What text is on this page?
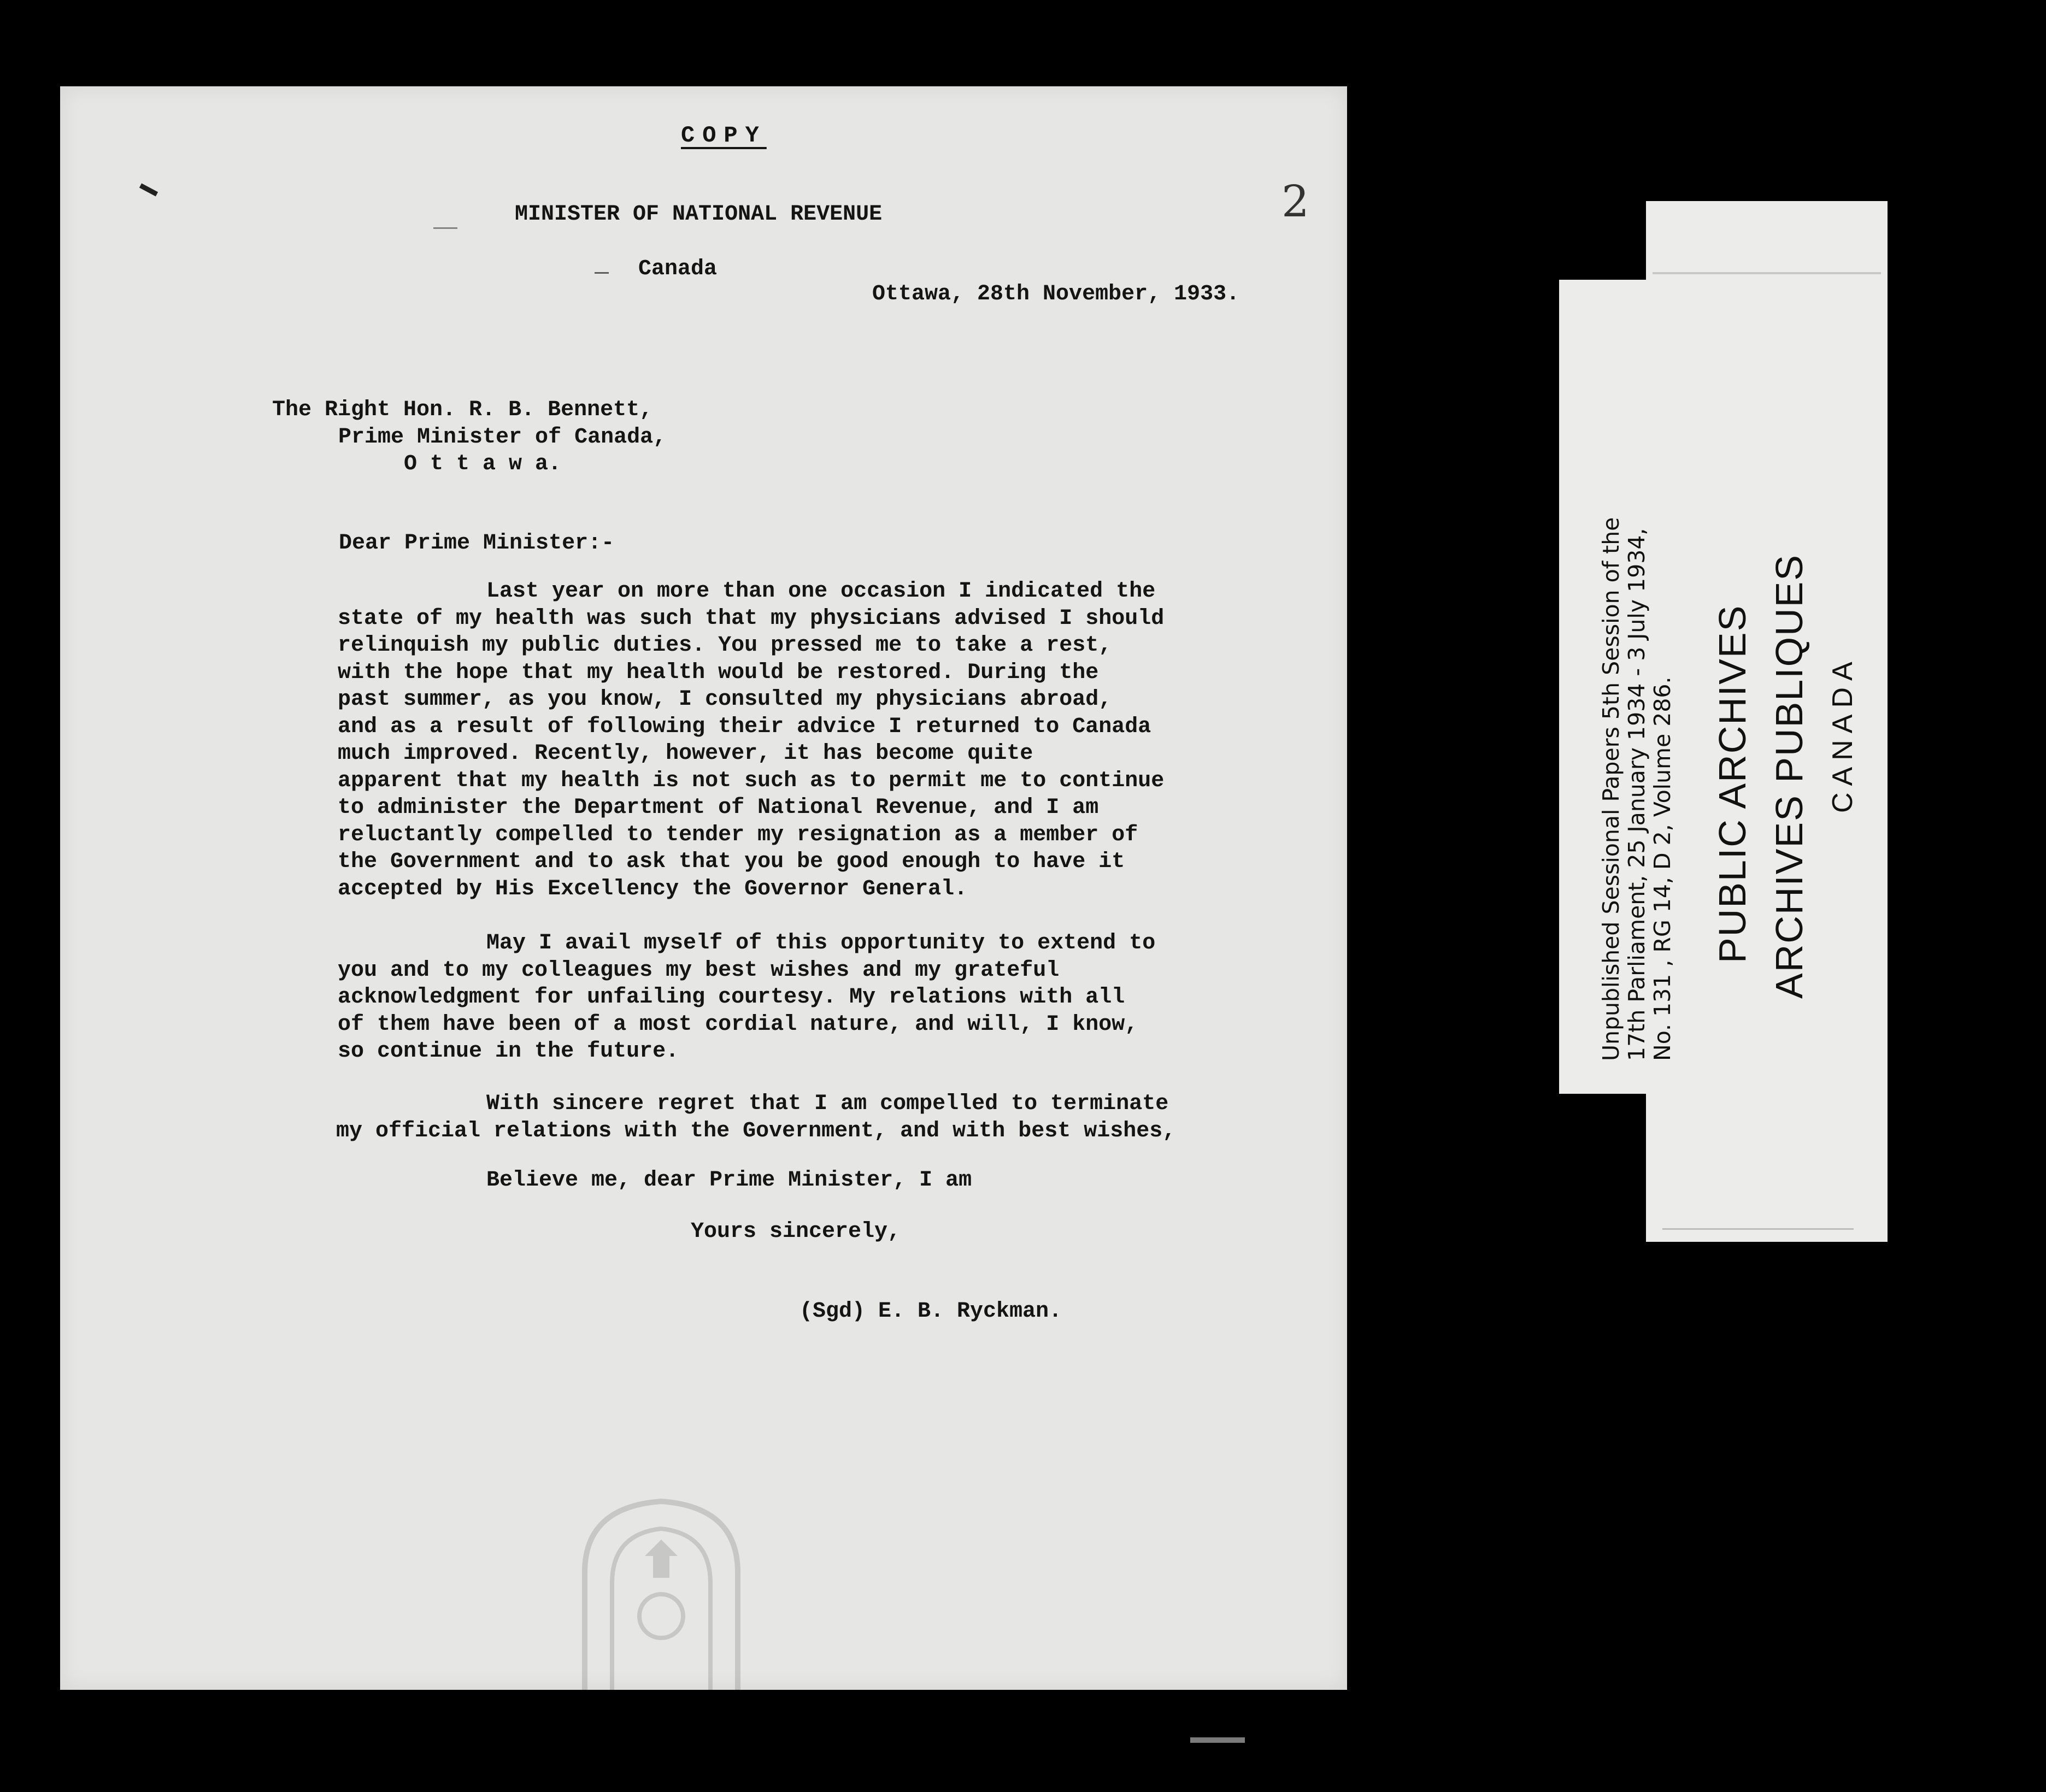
COPY
2
MINISTER OF NATIONAL REVENUE
Canada
Ottawa, 28th November, 1933.
The Right Hon. R. B. Bennett,
Prime Minister of Canada,
O t t a w a.
Dear Prime Minister:-
Last year on more than one occasion I indicated the
state of my health was such that my physicians advised I should
relinquish my public duties. You pressed me to take a rest,
with the hope that my health would be restored. During the
past summer, as you know, I consulted my physicians abroad,
and as a result of following their advice I returned to Canada
much improved. Recently, however, it has become quite
apparent that my health is not such as to permit me to continue
to administer the Department of National Revenue, and I am
reluctantly compelled to tender my resignation as a member of
the Government and to ask that you be good enough to have it
accepted by His Excellency the Governor General.
May I avail myself of this opportunity to extend to
you and to my colleagues my best wishes and my grateful
acknowledgment for unfailing courtesy. My relations with all
of them have been of a most cordial nature, and will, I know,
so continue in the future.
With sincere regret that I am compelled to terminate
my official relations with the Government, and with best wishes,
Believe me, dear Prime Minister, I am
Yours sincerely,
(Sgd) E. B. Ryckman.
PUBLIC ARCHIVES ARCHIVES PUBLIQUES CANADA
Unpublished Sessional Papers 5th Session of the 17th Parliament, 25 January 1934 - 3 July 1934, No. 131 , RG 14, D 2, Volume 286.
